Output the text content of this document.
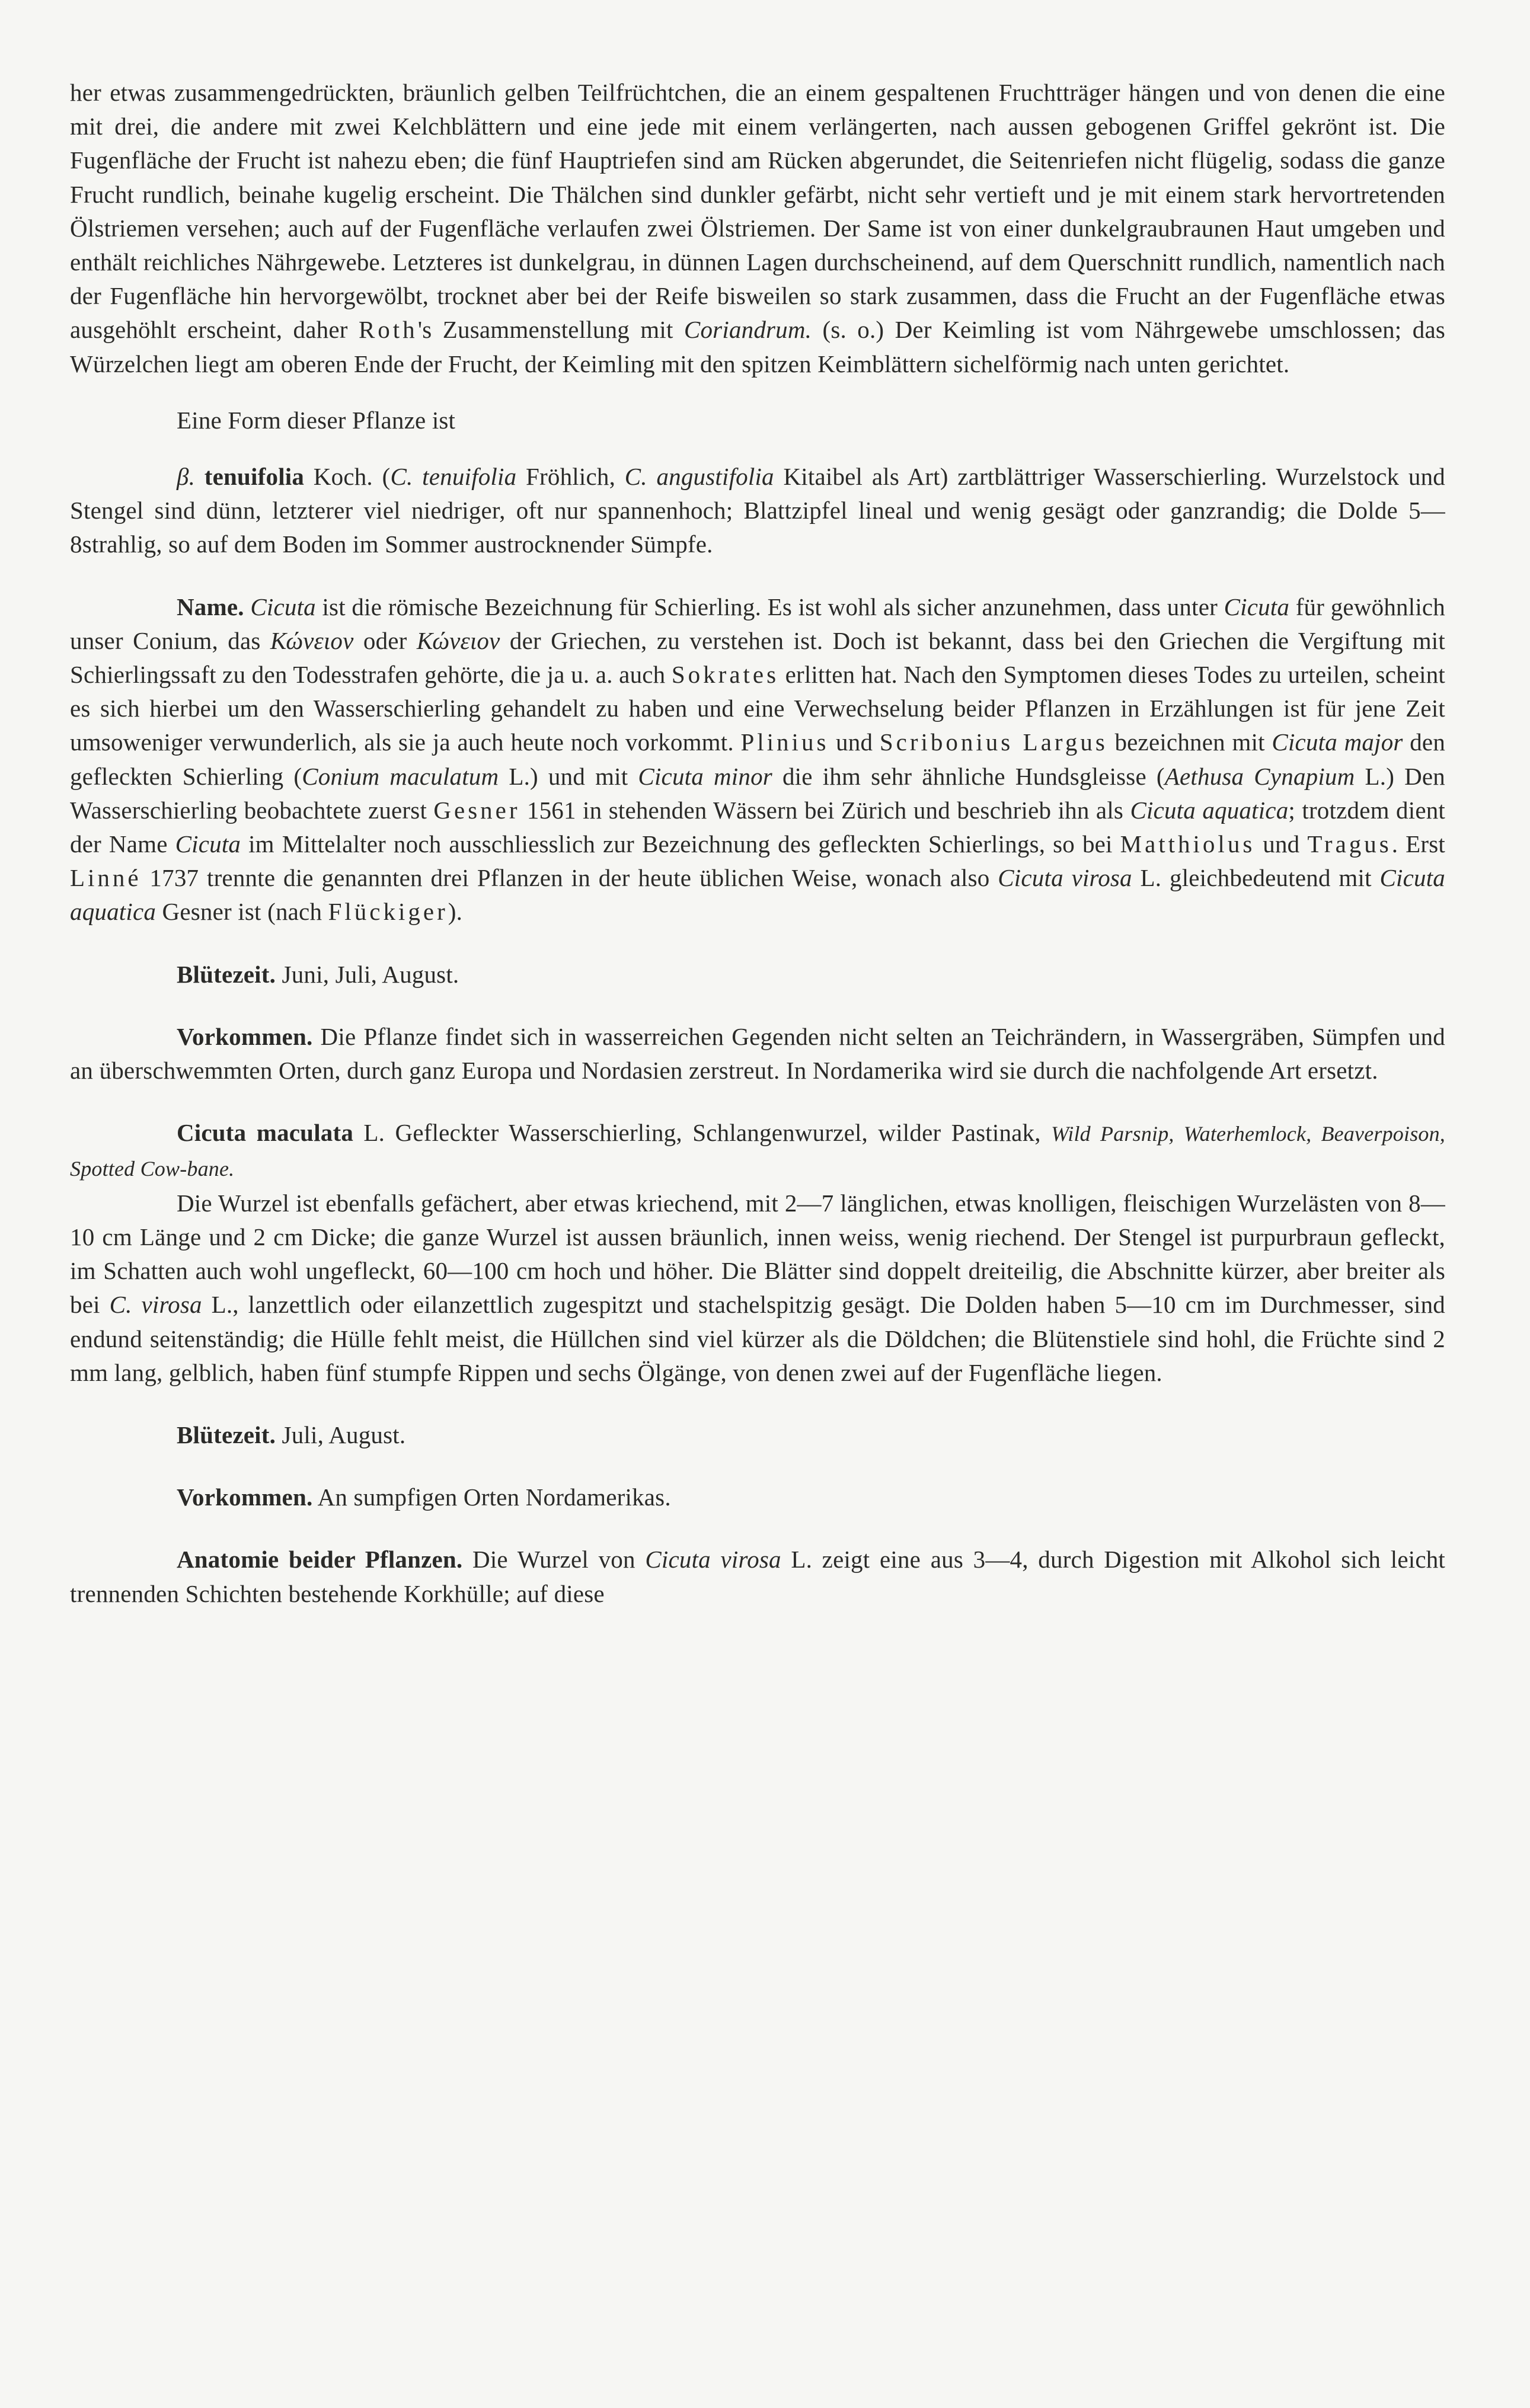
her etwas zusammengedrückten, bräunlich gelben Teilfrüchtchen, die an einem gespaltenen Fruchtträger hängen und von denen die eine mit drei, die andere mit zwei Kelchblättern und eine jede mit einem verlängerten, nach aussen gebogenen Griffel gekrönt ist. Die Fugenfläche der Frucht ist nahezu eben; die fünf Hauptriefen sind am Rücken abgerundet, die Seitenriefen nicht flügelig, sodass die ganze Frucht rundlich, beinahe kugelig erscheint. Die Thälchen sind dunkler gefärbt, nicht sehr vertieft und je mit einem stark hervortretenden Ölstriemen versehen; auch auf der Fugenfläche verlaufen zwei Ölstriemen. Der Same ist von einer dunkelgraubraunen Haut umgeben und enthält reichliches Nährgewebe. Letzteres ist dunkelgrau, in dünnen Lagen durchscheinend, auf dem Querschnitt rundlich, namentlich nach der Fugenfläche hin hervorgewölbt, trocknet aber bei der Reife bisweilen so stark zusammen, dass die Frucht an der Fugenfläche etwas ausgehöhlt erscheint, daher Roth's Zusammenstellung mit Coriandrum. (s. o.) Der Keimling ist vom Nährgewebe umschlossen; das Würzelchen liegt am oberen Ende der Frucht, der Keimling mit den spitzen Keimblättern sichelförmig nach unten gerichtet.

Eine Form dieser Pflanze ist

β. tenuifolia Koch. (C. tenuifolia Fröhlich, C. angustifolia Kitaibel als Art) zartblättriger Wasserschierling. Wurzelstock und Stengel sind dünn, letzterer viel niedriger, oft nur spannenhoch; Blattzipfel lineal und wenig gesägt oder ganzrandig; die Dolde 5—8strahlig, so auf dem Boden im Sommer austrocknender Sümpfe.

Name. Cicuta ist die römische Bezeichnung für Schierling. Es ist wohl als sicher anzunehmen, dass unter Cicuta für gewöhnlich unser Conium, das Κώνειον oder Κώνειον der Griechen, zu verstehen ist. Doch ist bekannt, dass bei den Griechen die Vergiftung mit Schierlingssaft zu den Todesstrafen gehörte, die ja u. a. auch Sokrates erlitten hat. Nach den Symptomen dieses Todes zu urteilen, scheint es sich hierbei um den Wasserschierling gehandelt zu haben und eine Verwechselung beider Pflanzen in Erzählungen ist für jene Zeit umsoweniger verwunderlich, als sie ja auch heute noch vorkommt. Plinius und Scribonius Largus bezeichnen mit Cicuta major den gefleckten Schierling (Conium maculatum L.) und mit Cicuta minor die ihm sehr ähnliche Hundsgleisse (Aethusa Cynapium L.) Den Wasserschierling beobachtete zuerst Gesner 1561 in stehenden Wässern bei Zürich und beschrieb ihn als Cicuta aquatica; trotzdem dient der Name Cicuta im Mittelalter noch ausschliesslich zur Bezeichnung des gefleckten Schierlings, so bei Matthiolus und Tragus. Erst Linné 1737 trennte die genannten drei Pflanzen in der heute üblichen Weise, wonach also Cicuta virosa L. gleichbedeutend mit Cicuta aquatica Gesner ist (nach Flückiger).

Blütezeit. Juni, Juli, August.

Vorkommen. Die Pflanze findet sich in wasserreichen Gegenden nicht selten an Teichrändern, in Wassergräben, Sümpfen und an überschwemmten Orten, durch ganz Europa und Nordasien zerstreut. In Nordamerika wird sie durch die nachfolgende Art ersetzt.

Cicuta maculata L. Gefleckter Wasserschierling, Schlangenwurzel, wilder Pastinak, Wild Parsnip, Waterhemlock, Beaverpoison, Spotted Cow-bane.

Die Wurzel ist ebenfalls gefächert, aber etwas kriechend, mit 2—7 länglichen, etwas knolligen, fleischigen Wurzelästen von 8—10 cm Länge und 2 cm Dicke; die ganze Wurzel ist aussen bräunlich, innen weiss, wenig riechend. Der Stengel ist purpurbraun gefleckt, im Schatten auch wohl ungefleckt, 60—100 cm hoch und höher. Die Blätter sind doppelt dreiteilig, die Abschnitte kürzer, aber breiter als bei C. virosa L., lanzettlich oder eilanzettlich zugespitzt und stachelspitzig gesägt. Die Dolden haben 5—10 cm im Durchmesser, sind endund seitenständig; die Hülle fehlt meist, die Hüllchen sind viel kürzer als die Döldchen; die Blütenstiele sind hohl, die Früchte sind 2 mm lang, gelblich, haben fünf stumpfe Rippen und sechs Ölgänge, von denen zwei auf der Fugenfläche liegen.

Blütezeit. Juli, August.

Vorkommen. An sumpfigen Orten Nordamerikas.

Anatomie beider Pflanzen. Die Wurzel von Cicuta virosa L. zeigt eine aus 3—4, durch Digestion mit Alkohol sich leicht trennenden Schichten bestehende Korkhülle; auf diese
